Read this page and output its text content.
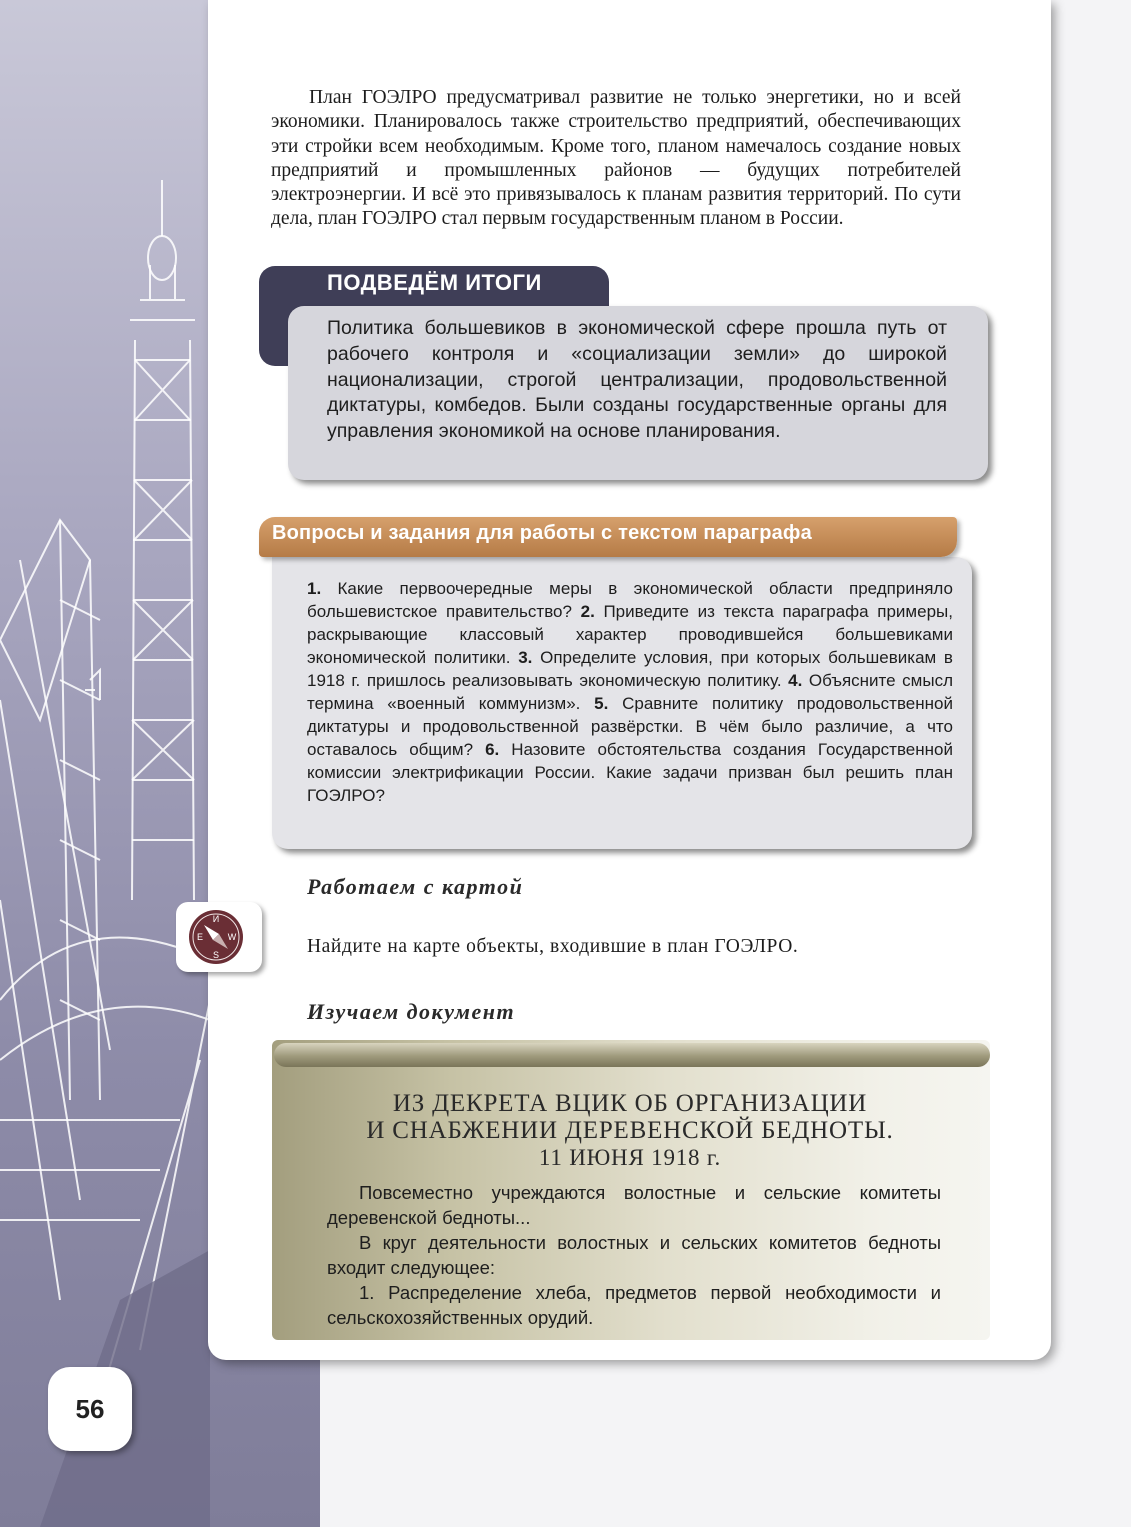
План ГОЭЛРО предусматривал развитие не только энергетики, но и всей экономики. Планировалось также строительство предприятий, обеспечивающих эти стройки всем необходимым. Кроме того, планом намечалось создание новых предприятий и промышленных районов — будущих потребителей электроэнергии. И всё это привязывалось к планам развития территорий. По сути дела, план ГОЭЛРО стал первым государственным планом в России.

ПОДВЕДЁМ ИТОГИ

Политика большевиков в экономической сфере прошла путь от рабочего контроля и «социализации земли» до широкой национализации, строгой централизации, продовольственной диктатуры, комбедов. Были созданы государственные органы для управления экономикой на основе планирования.

Вопросы и задания для работы с текстом параграфа

1. Какие первоочередные меры в экономической области предприняло большевистское правительство? 2. Приведите из текста параграфа примеры, раскрывающие классовый характер проводившейся большевиками экономической политики. 3. Определите условия, при которых большевикам в 1918 г. пришлось реализовывать экономическую политику. 4. Объясните смысл термина «военный коммунизм». 5. Сравните политику продовольственной диктатуры и продовольственной развёрстки. В чём было различие, а что оставалось общим? 6. Назовите обстоятельства создания Государственной комиссии электрификации России. Какие задачи призван был решить план ГОЭЛРО?

Работаем с картой
И
W
E
S	Найдите на карте объекты, входившие в план ГОЭЛРО.
Изучаем документ

ИЗ ДЕКРЕТА ВЦИК ОБ ОРГАНИЗАЦИИ
И СНАБЖЕНИИ ДЕРЕВЕНСКОЙ БЕДНОТЫ.
11 ИЮНЯ 1918 г.

Повсеместно учреждаются волостные и сельские комитеты деревенской бедноты...

В круг деятельности волостных и сельских комитетов бедноты входит следующее:

1. Распределение хлеба, предметов первой необходимости и сельскохозяйственных орудий.

56
